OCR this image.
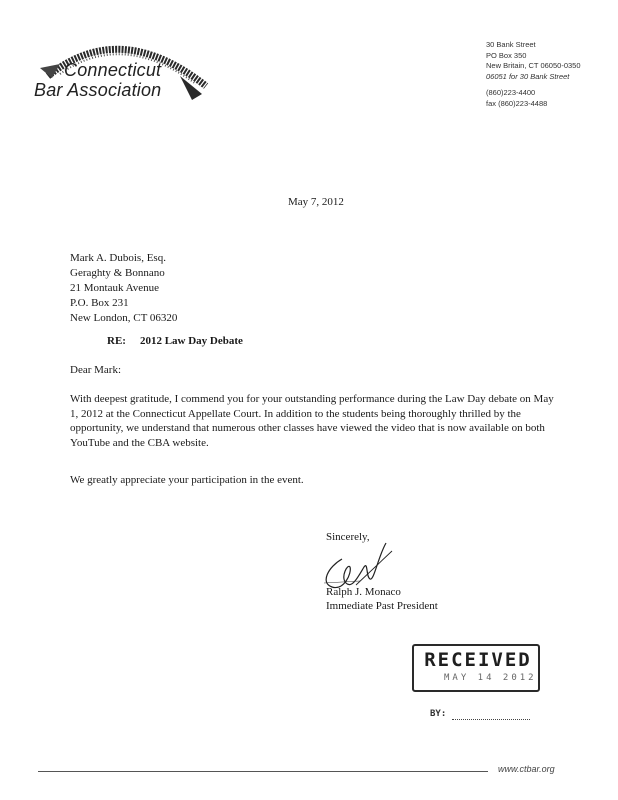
Connecticut
Bar Association
30 Bank Street
PO Box 350
New Britain, CT 06050-0350
06051 for 30 Bank Street
(860)223-4400
fax (860)223-4488
May 7, 2012
Mark A. Dubois, Esq.
Geraghty & Bonnano
21 Montauk Avenue
P.O. Box 231
New London, CT 06320
RE: 2012 Law Day Debate
Dear Mark:
With deepest gratitude, I commend you for your outstanding performance during the Law Day debate on May 1, 2012 at the Connecticut Appellate Court. In addition to the students being thoroughly thrilled by the opportunity, we understand that numerous other classes have viewed the video that is now available on both YouTube and the CBA website.
We greatly appreciate your participation in the event.
Sincerely,
Ralph J. Monaco
Immediate Past President
RECEIVED
MAY 14 2012
BY:
www.ctbar.org
